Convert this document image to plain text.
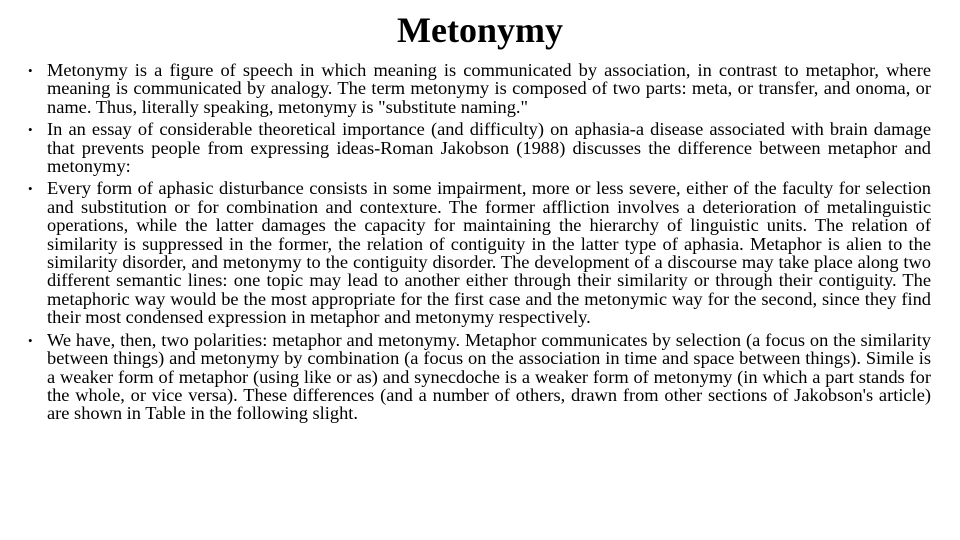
Metonymy
• Metonymy is a figure of speech in which meaning is communicated by association, in contrast to metaphor, where meaning is communicated by analogy. The term metonymy is composed of two parts: meta, or transfer, and onoma, or name. Thus, literally speaking, metonymy is "substitute naming."
• In an essay of considerable theoretical importance (and difficulty) on aphasia-a disease associated with brain damage that prevents people from expressing ideas-Roman Jakobson (1988) discusses the difference between metaphor and metonymy:
• Every form of aphasic disturbance consists in some impairment, more or less severe, either of the faculty for selection and substitution or for combination and contexture. The former affliction involves a deterioration of metalinguistic operations, while the latter damages the capacity for maintaining the hierarchy of linguistic units. The relation of similarity is suppressed in the former, the relation of contiguity in the latter type of aphasia. Metaphor is alien to the similarity disorder, and metonymy to the contiguity disorder. The development of a discourse may take place along two different semantic lines: one topic may lead to another either through their similarity or through their contiguity. The metaphoric way would be the most appropriate for the first case and the metonymic way for the second, since they find their most condensed expression in metaphor and metonymy respectively.
• We have, then, two polarities: metaphor and metonymy. Metaphor communicates by selection (a focus on the similarity between things) and metonymy by combination (a focus on the association in time and space between things). Simile is a weaker form of metaphor (using like or as) and synecdoche is a weaker form of metonymy (in which a part stands for the whole, or vice versa). These differences (and a number of others, drawn from other sections of Jakobson's article) are shown in Table in the following slight.
